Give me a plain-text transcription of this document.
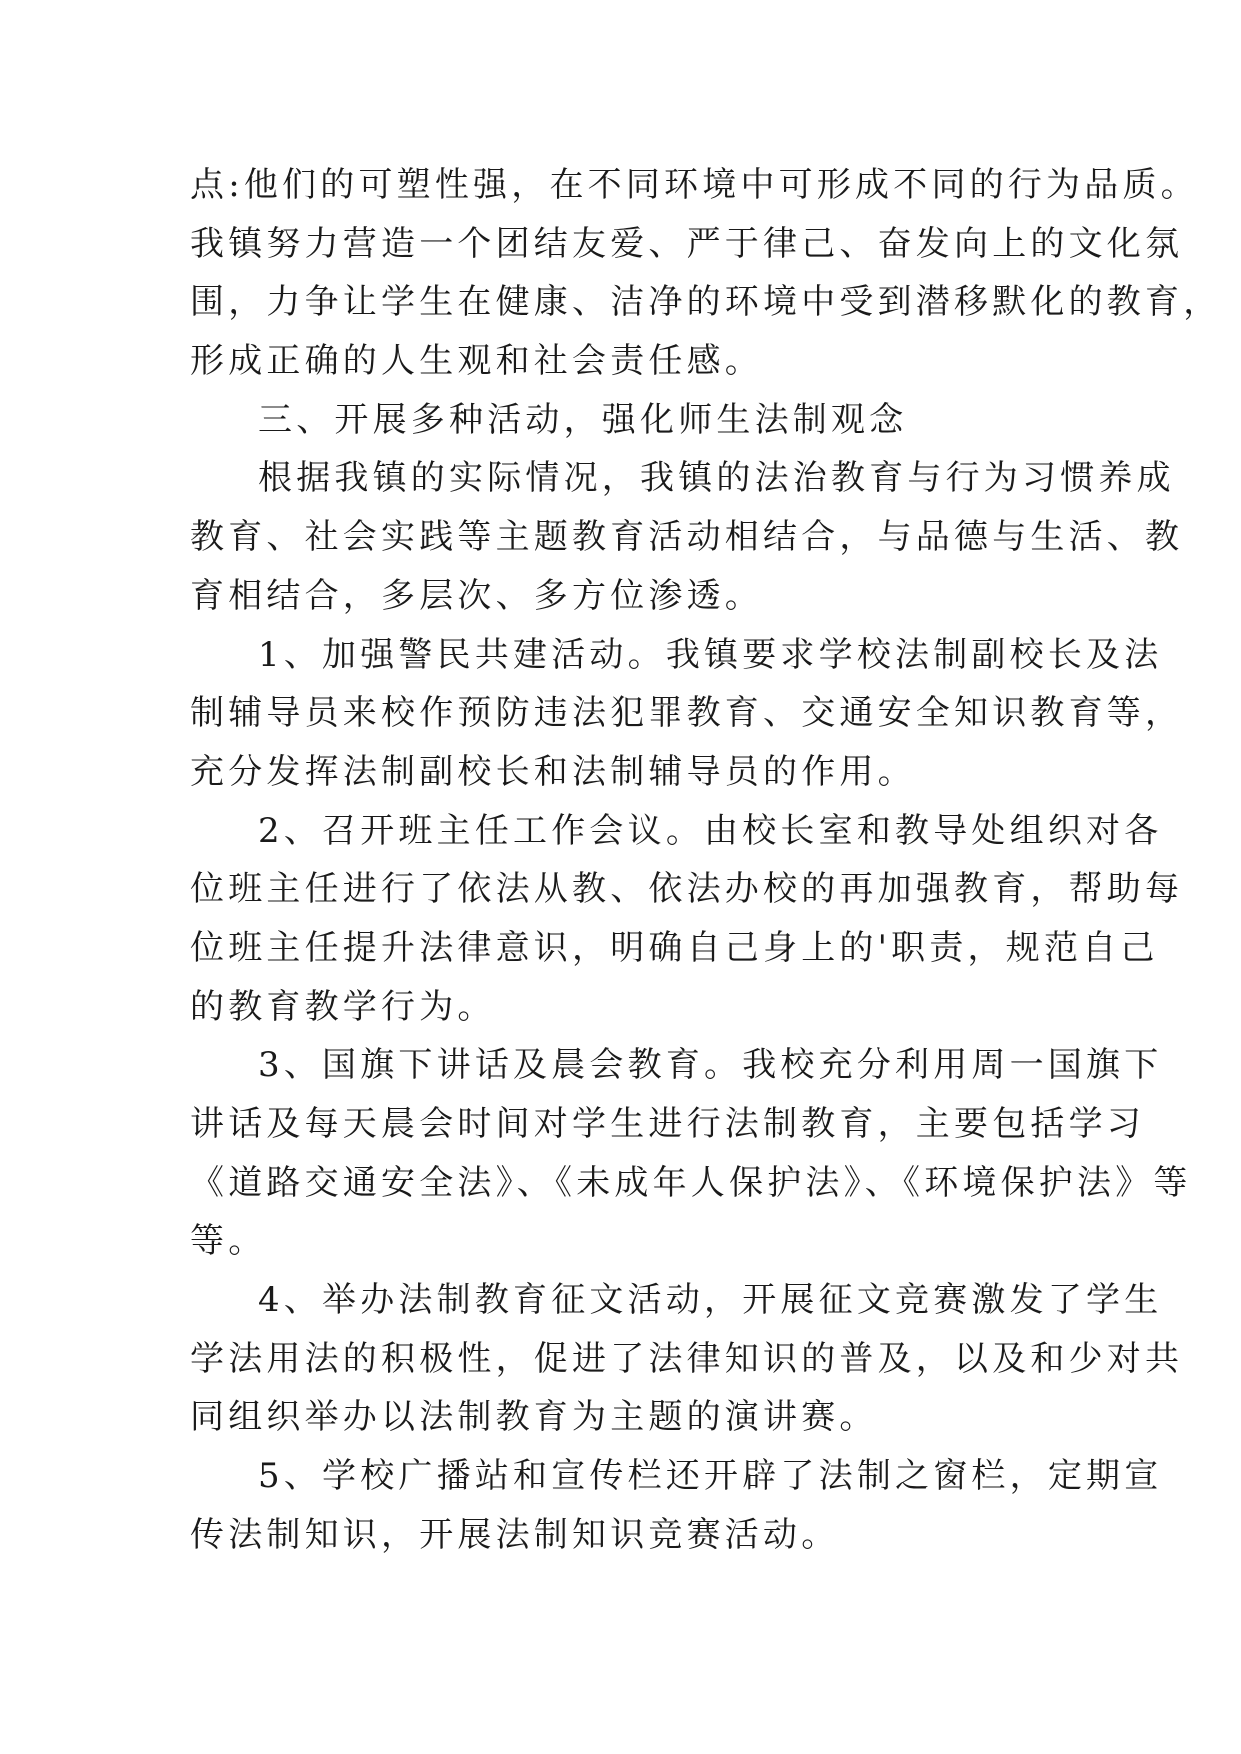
点:他们的可塑性强，在不同环境中可形成不同的行为品质。
我镇努力营造一个团结友爱、严于律己、奋发向上的文化氛
围，力争让学生在健康、洁净的环境中受到潜移默化的教育，
形成正确的人生观和社会责任感。
三、开展多种活动，强化师生法制观念
根据我镇的实际情况，我镇的法治教育与行为习惯养成
教育、社会实践等主题教育活动相结合，与品德与生活、教
育相结合，多层次、多方位渗透。
1、加强警民共建活动。我镇要求学校法制副校长及法
制辅导员来校作预防违法犯罪教育、交通安全知识教育等，
充分发挥法制副校长和法制辅导员的作用。
2、召开班主任工作会议。由校长室和教导处组织对各
位班主任进行了依法从教、依法办校的再加强教育，帮助每
位班主任提升法律意识，明确自己身上的'职责，规范自己
的教育教学行为。
3、国旗下讲话及晨会教育。我校充分利用周一国旗下
讲话及每天晨会时间对学生进行法制教育，主要包括学习
《道路交通安全法》、《未成年人保护法》、《环境保护法》等
等。
4、举办法制教育征文活动，开展征文竞赛激发了学生
学法用法的积极性，促进了法律知识的普及，以及和少对共
同组织举办以法制教育为主题的演讲赛。
5、学校广播站和宣传栏还开辟了法制之窗栏，定期宣
传法制知识，开展法制知识竞赛活动。
